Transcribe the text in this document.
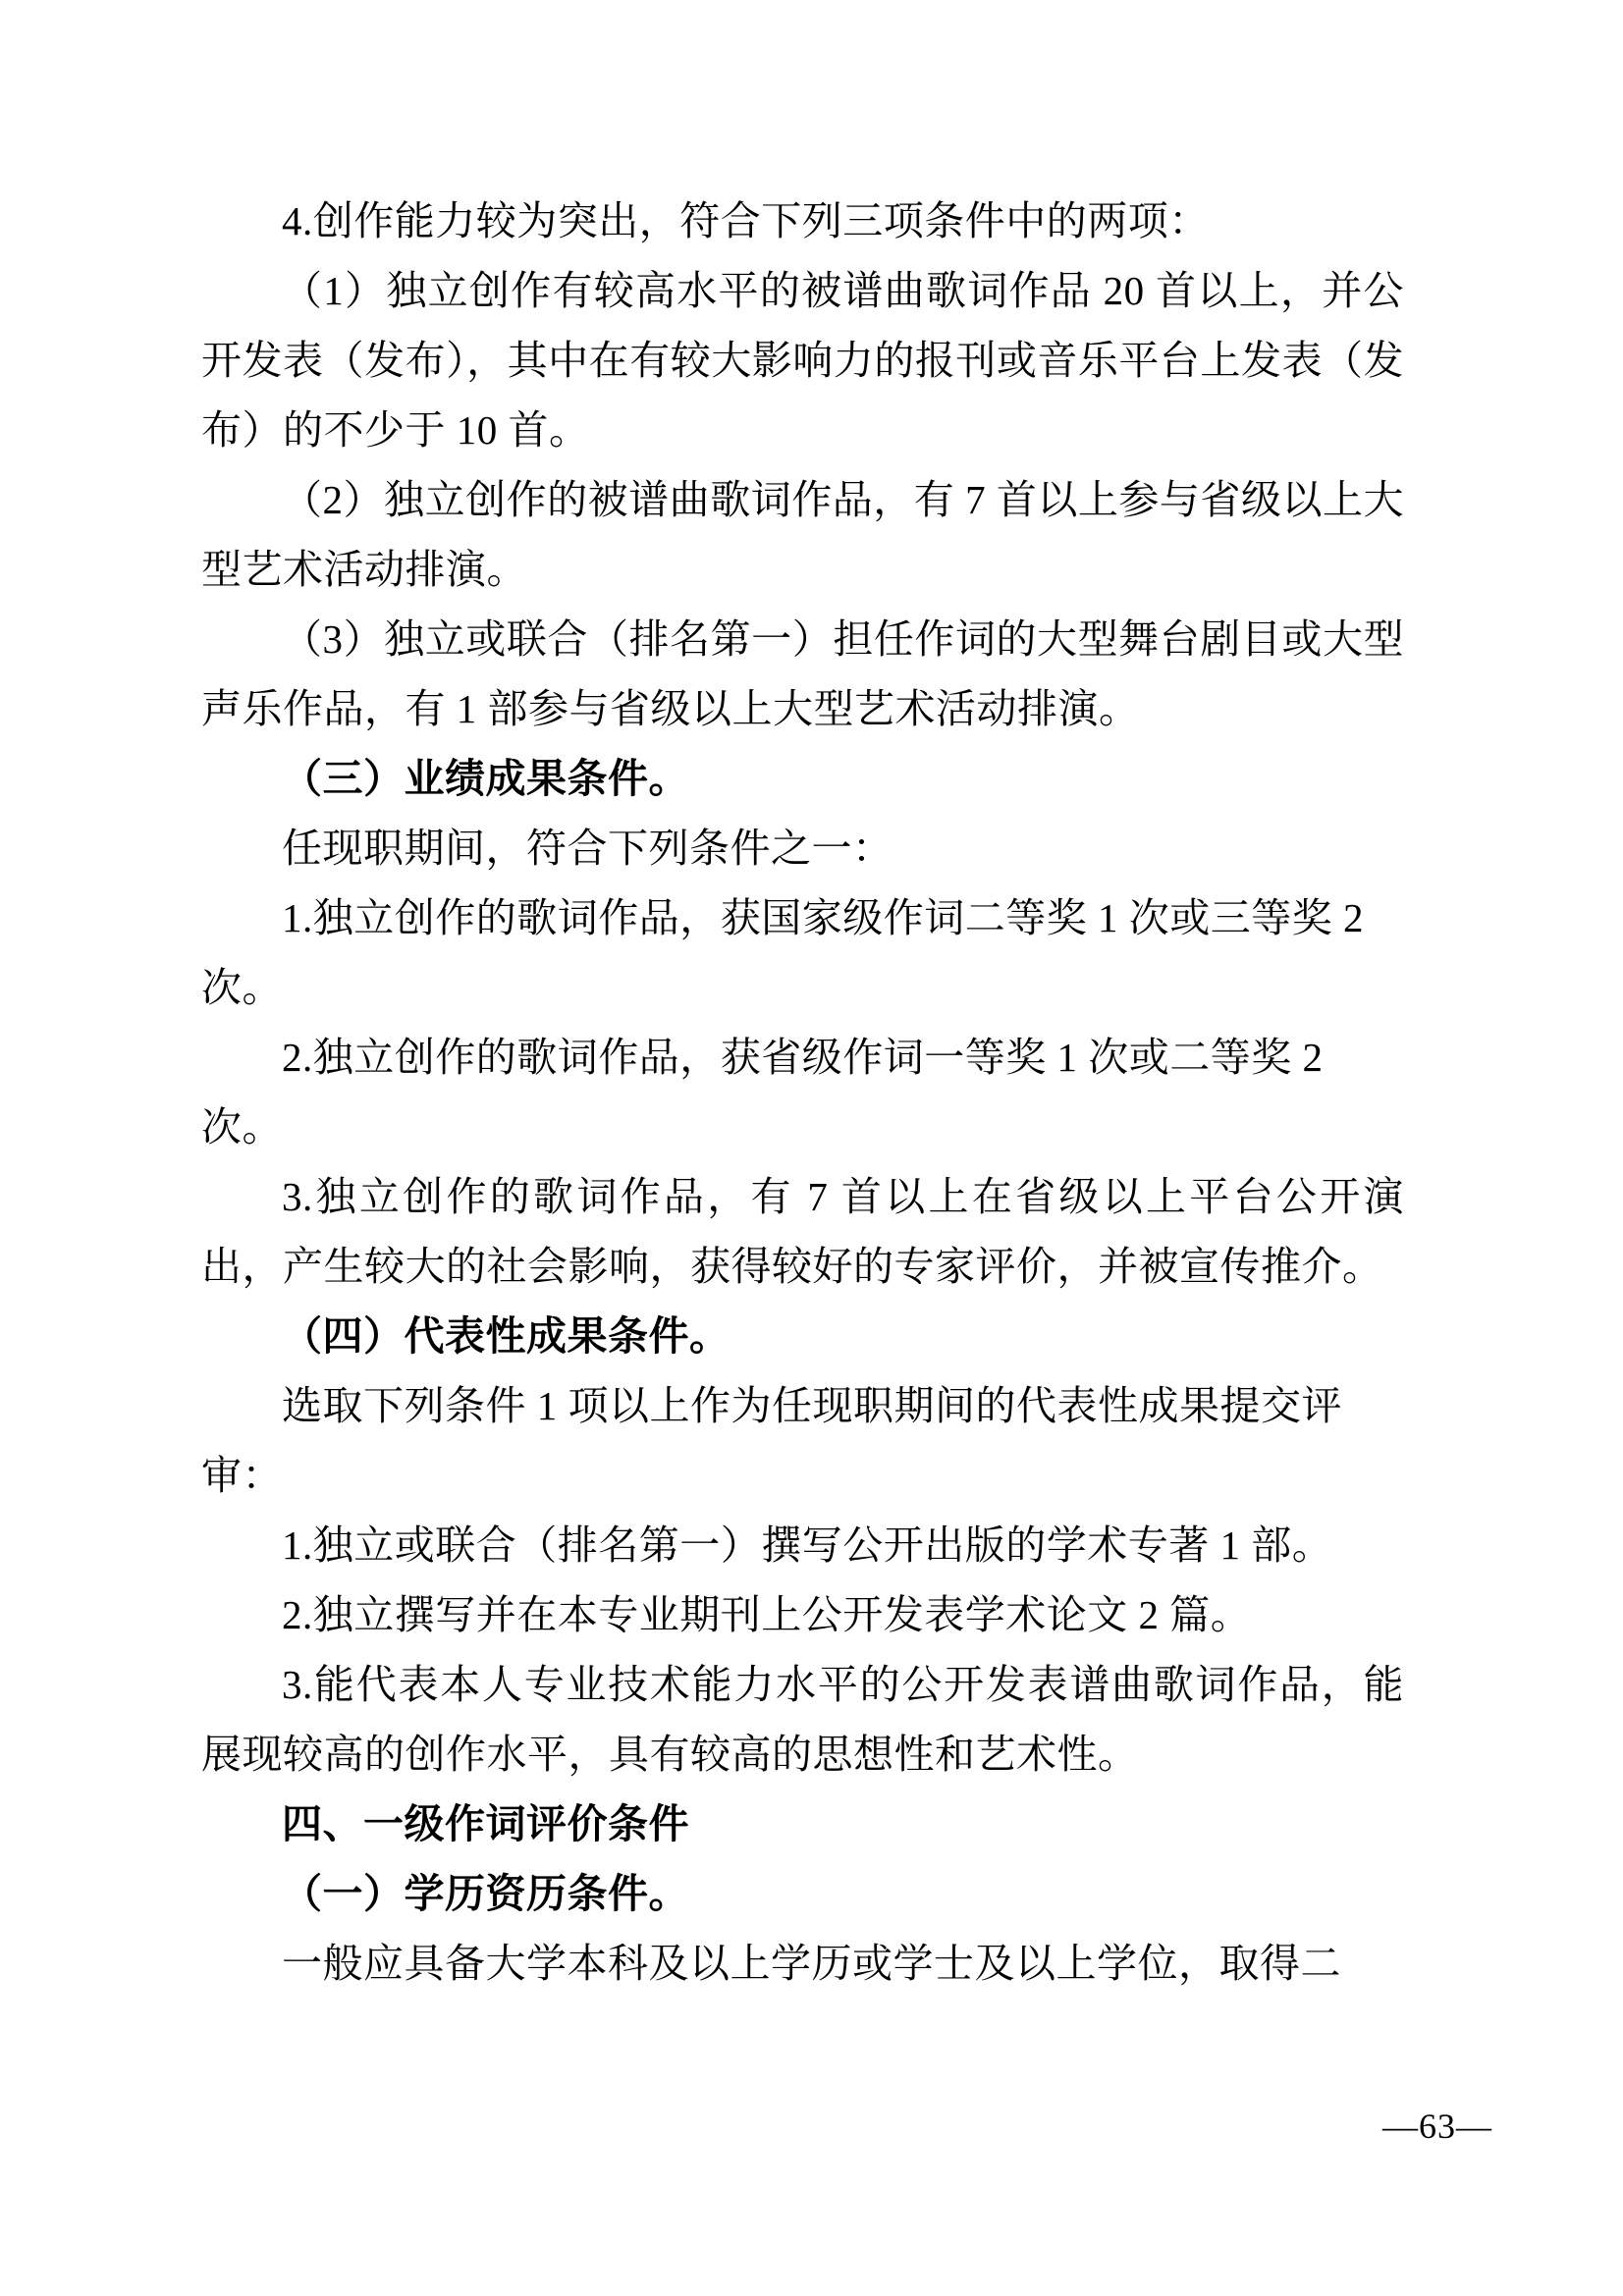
4.创作能力较为突出，符合下列三项条件中的两项：

（1）独立创作有较高水平的被谱曲歌词作品 20 首以上，并公开发表（发布），其中在有较大影响力的报刊或音乐平台上发表（发布）的不少于 10 首。

（2）独立创作的被谱曲歌词作品，有 7 首以上参与省级以上大型艺术活动排演。

（3）独立或联合（排名第一）担任作词的大型舞台剧目或大型声乐作品，有 1 部参与省级以上大型艺术活动排演。

（三）业绩成果条件。

任现职期间，符合下列条件之一：

1.独立创作的歌词作品，获国家级作词二等奖 1 次或三等奖 2 次。

2.独立创作的歌词作品，获省级作词一等奖 1 次或二等奖 2 次。

3.独立创作的歌词作品，有 7 首以上在省级以上平台公开演出，产生较大的社会影响，获得较好的专家评价，并被宣传推介。

（四）代表性成果条件。

选取下列条件 1 项以上作为任现职期间的代表性成果提交评审：

1.独立或联合（排名第一）撰写公开出版的学术专著 1 部。

2.独立撰写并在本专业期刊上公开发表学术论文 2 篇。

3.能代表本人专业技术能力水平的公开发表谱曲歌词作品，能展现较高的创作水平，具有较高的思想性和艺术性。

四、一级作词评价条件

（一）学历资历条件。

一般应具备大学本科及以上学历或学士及以上学位，取得二

—63—
